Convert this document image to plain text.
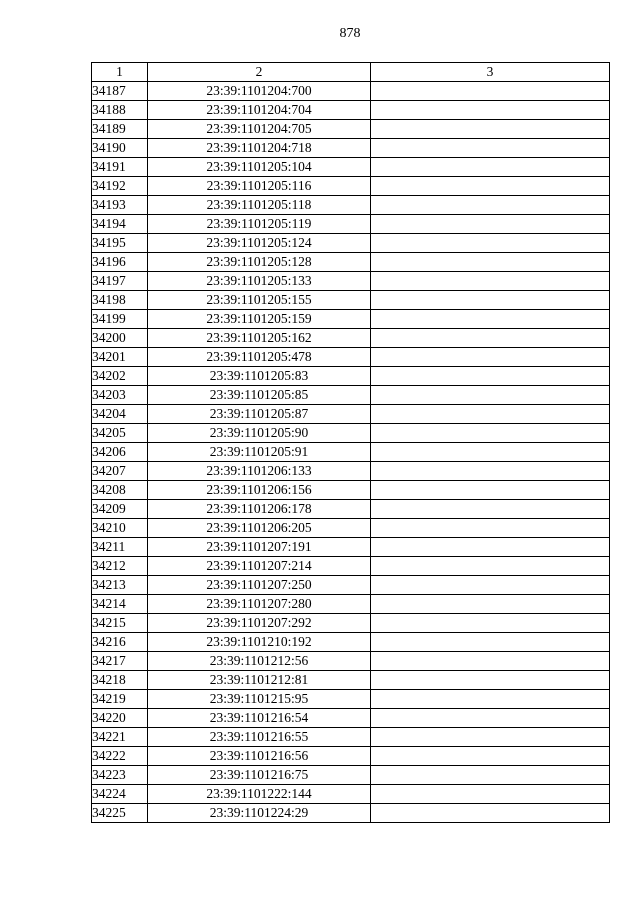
878
1	2	3
34187	23:39:1101204:700	
34188	23:39:1101204:704	
34189	23:39:1101204:705	
34190	23:39:1101204:718	
34191	23:39:1101205:104	
34192	23:39:1101205:116	
34193	23:39:1101205:118	
34194	23:39:1101205:119	
34195	23:39:1101205:124	
34196	23:39:1101205:128	
34197	23:39:1101205:133	
34198	23:39:1101205:155	
34199	23:39:1101205:159	
34200	23:39:1101205:162	
34201	23:39:1101205:478	
34202	23:39:1101205:83	
34203	23:39:1101205:85	
34204	23:39:1101205:87	
34205	23:39:1101205:90	
34206	23:39:1101205:91	
34207	23:39:1101206:133	
34208	23:39:1101206:156	
34209	23:39:1101206:178	
34210	23:39:1101206:205	
34211	23:39:1101207:191	
34212	23:39:1101207:214	
34213	23:39:1101207:250	
34214	23:39:1101207:280	
34215	23:39:1101207:292	
34216	23:39:1101210:192	
34217	23:39:1101212:56	
34218	23:39:1101212:81	
34219	23:39:1101215:95	
34220	23:39:1101216:54	
34221	23:39:1101216:55	
34222	23:39:1101216:56	
34223	23:39:1101216:75	
34224	23:39:1101222:144	
34225	23:39:1101224:29	
